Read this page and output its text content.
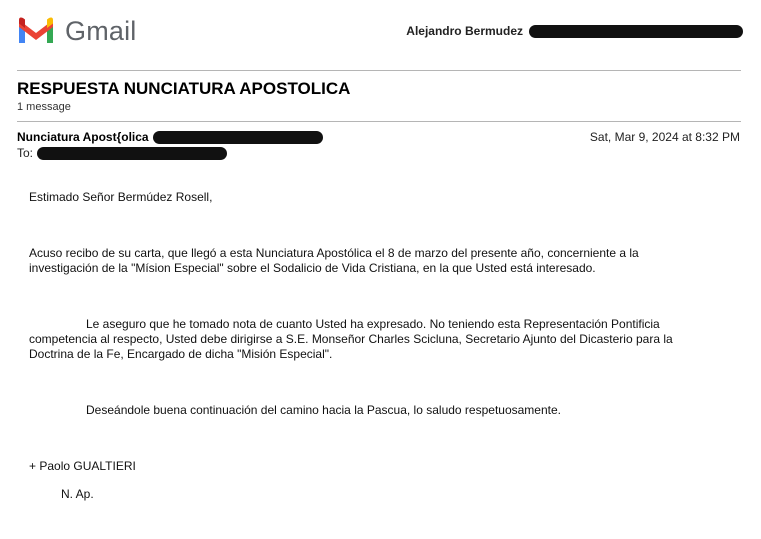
Gmail	Alejandro Bermudez
RESPUESTA NUNCIATURA APOSTOLICA
1 message
Nunciatura Apost{olica	Sat, Mar 9, 2024 at 8:32 PM
To:
Estimado Señor Bermúdez Rosell,
Acuso recibo de su carta, que llegó a esta Nunciatura Apostólica el 8 de marzo del presente año, concerniente a la investigación de la "Mísion Especial" sobre el Sodalicio de Vida Cristiana, en la que Usted está interesado.
Le aseguro que he tomado nota de cuanto Usted ha expresado. No teniendo esta Representación Pontificia competencia al respecto, Usted debe dirigirse a S.E. Monseñor Charles Scicluna, Secretario Ajunto del Dicasterio para la Doctrina de la Fe, Encargado de dicha "Misión Especial".
Deseándole buena continuación del camino hacia la Pascua, lo saludo respetuosamente.
+ Paolo GUALTIERI
N. Ap.
